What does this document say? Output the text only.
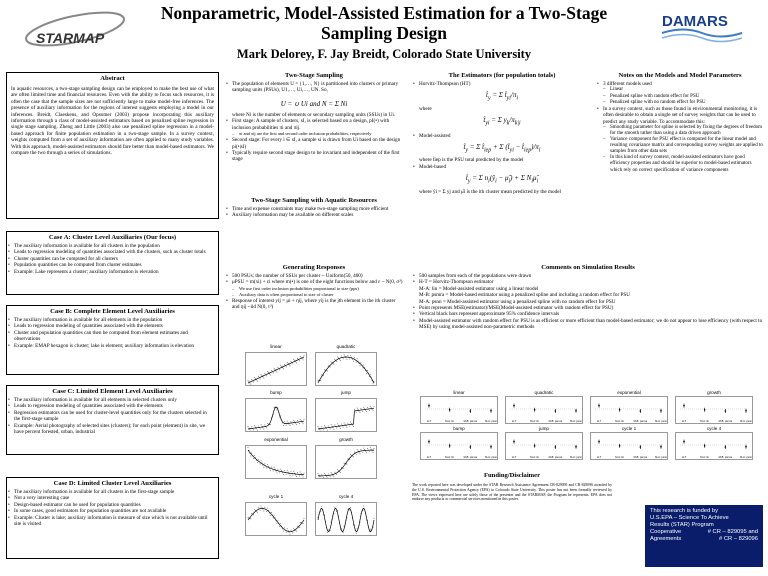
STARMAP
Nonparametric, Model-Assisted Estimation for a Two-Stage Sampling Design
Mark Delorey, F. Jay Breidt, Colorado State University
DAMARS
Abstract
In aquatic resources, a two-stage sampling design can be employed to make the best use of what are often limited time and financial resources. Even with the ability to focus such resources, it is often the case that the sample sizes are not sufficiently large to make model-free inferences. The presence of auxiliary information for the regions of interest suggests employing a model in our inferences. Breidt, Claeskens, and Opsomer (2003) propose incorporating this auxiliary information through a class of model-assisted estimators based on penalized spline regression in single stage sampling. Zheng and Little (2003) also use penalized spline regression in a model-based approach for finite population estimation in a two-stage sample. In a survey context, weights computed from a set of auxiliary information are often applied to many study variables. With this approach, model-assisted estimators should fare better than model-based estimators. We compare the two through a series of simulations.
Case A: Cluster Level Auxiliaries (Our focus)
• The auxiliary information is available for all clusters in the population
• Leads to regression modeling of quantities associated with the clusters, such as cluster totals
• Cluster quantities can be computed for all clusters
• Population quantities can be computed from cluster estimates
• Example: Lake represents a cluster; auxiliary information is elevation
Case B: Complete Element Level Auxiliaries
• The auxiliary information is available for all elements in the population
• Leads to regression modeling of quantities associated with the elements
• Cluster and population quantities can then be computed from element estimates and observations
• Example: EMAP hexagon is cluster; lake is element; auxiliary information is elevation
Case C: Limited Element Level Auxiliaries
• The auxiliary information is available for all elements in selected clusters only
• Leads to regression modeling of quantities associated with the elements
• Regression estimators can be used for cluster-level quantities only for the clusters selected in the first-stage sample
• Example: Aerial photography of selected sites (clusters); for each point (element) in site, we have percent forested, urban, industrial
Case D: Limited Cluster Level Auxiliaries
• The auxiliary information is available for all clusters in the first-stage sample
• Not a very interesting case
• Design-based estimator can be used for population quantities
• In some cases, good estimators for population quantities are not available
• Example: Cluster is lake; auxiliary information is measure of size which is not available until site is visited
Two-Stage Sampling
• The population of elements U = {1,…, N} is partitioned into clusters or primary sampling units (PSUs), U1,…, Ui,…, UN. So,
U = ∪ Ui and N = Σ Ni
where Ni is the number of elements or secondary sampling units (SSUs) in Ui.
• First stage: A sample of clusters, sI, is selected based on a design, pI(•) with inclusion probabilities πi and πij.
– πi and πij are the first and second order inclusion probabilities, respectively
• Second stage: For every i ∈ sI, a sample si is drawn from Ui based on the design pi(•|sI)
• Typically require second stage design to be invariant and independent of the first stage
Two-Stage Sampling with Aquatic Resources
• Time and expense constraints may make two-stage sampling more efficient
• Auxiliary information may be available on different scales
The Estimators (for population totals)
• Horvitz-Thompson (HT)
$t̂_y = \Sigma$ $t̂_{yi}/\pi_i$
where
$t̂_{yi} = \Sigma$ $y_k/\pi_{k|i}$
• Model-assisted
$t̂_y = \Sigma$ $t̂_{iep} + \Sigma$ ($t̂_{yi}$ − $t̂_{iep})/\pi_i$
where t̂iep is the PSU total predicted by the model
• Model-based
$t̂_y = \Sigma$ $n_i(ŷ_i$ − $\mû_i) + \Sigma$ $N_i\mû_i$
where ŷi = Σ yj and μ̂i is the ith cluster mean predicted by the model
Notes on the Models and Model Parameters
• 3 different models used
– Linear
– Penalized spline with random effect for PSU
– Penalized spline with no random effect for PSU
• In a survey context, such as those found in environmental monitoring, it is often desirable to obtain a single set of survey weights that can be used to predict any study variable. To accommodate this:
– Smoothing parameter for spline is selected by fixing the degrees of freedom for the smooth rather than using a data driven approach
– Variance component for PSU effect is computed for the linear model and resulting covariance matrix and corresponding survey weights are applied to samples from other data sets
– In this kind of survey context, model-assisted estimators have good efficiency properties and should be superior to model-based estimators which rely on correct specification of variance components
Generating Responses
• 500 PSUs; the number of SSUs per cluster ~ Uniform(50, 400)
• μPSU = m(xi) + εi where m(•) is one of the eight functions below and ε ~ N(0, σ²)
– We use first order inclusion probabilities proportional to size (pps)
– Auxiliary data is often proportional to size of cluster
• Response of interest yij = μi + ηij, where yij is the jth element in the ith cluster and ηij ~iid N(0, τ²)
linear	quadratic
bump	jump
exponential	growth
cycle 1	cycle 4
Comments on Simulation Results
• 500 samples from each of the populations were drawn
• H-T = Horvitz-Thompson estimator
M-A: lin = Model-assisted estimator using a linear model
M-B: psmra = Model-based estimator using a penalized spline and including a random effect for PSU
M-A: psnn = Model-assisted estimator using a penalized spline with no random effect for PSU
• Point represents MSE(estimator)/MSE(Model-assisted estimator with random effect for PSU)
• Vertical black bars represent approximate 95% confidence intervals
• Model-assisted estimator with random effect for PSU is as efficient or more efficient than model-based estimator; we do not appear to lose efficiency (with respect to MSE) by using model-assisted non-parametric methods
linear
H-T	M-A: lin	M-B: psmra	M-A: psnn
quadratic
H-T	M-A: lin	M-B: psmra	M-A: psnn
exponential
H-T	M-A: lin	M-B: psmra	M-A: psnn
growth
H-T	M-A: lin	M-B: psmra	M-A: psnn
bump
H-T	M-A: lin	M-B: psmra	M-A: psnn
jump
H-T	M-A: lin	M-B: psmra	M-A: psnn
cycle 1
H-T	M-A: lin	M-B: psmra	M-A: psnn
cycle 4
H-T	M-A: lin	M-B: psmra	M-A: psnn
Funding/Disclaimer
The work reported here was developed under the STAR Research Assistance Agreement CR-829095 and CR-829096 awarded by the U.S. Environmental Protection Agency (EPA) to Colorado State University. This poster has not been formally reviewed by EPA. The views expressed here are solely those of the presenter and the STARMAP, the Program he represents. EPA does not endorse any products or commercial services mentioned in this poster.
This research is funded by
U.S.EPA – Science To Achieve
Results (STAR) Program
Cooperative
Agreements
# CR – 829095 and
# CR – 829096
